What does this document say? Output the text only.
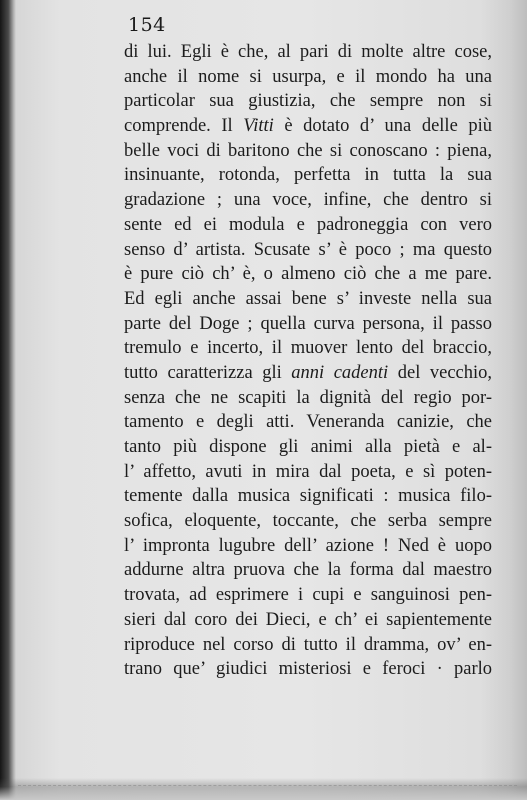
154
di lui. Egli è che, al pari di molte altre cose,
anche il nome si usurpa, e il mondo ha una
particolar sua giustizia, che sempre non si
comprende. Il Vitti è dotato d’ una delle più
belle voci di baritono che si conoscano : piena,
insinuante, rotonda, perfetta in tutta la sua
gradazione ; una voce, infine, che dentro si
sente ed ei modula e padroneggia con vero
senso d’ artista. Scusate s’ è poco ; ma questo
è pure ciò ch’ è, o almeno ciò che a me pare.
Ed egli anche assai bene s’ investe nella sua
parte del Doge ; quella curva persona, il passo
tremulo e incerto, il muover lento del braccio,
tutto caratterizza gli anni cadenti del vecchio,
senza che ne scapiti la dignità del regio por-
tamento e degli atti. Veneranda canizie, che
tanto più dispone gli animi alla pietà e al-
l’ affetto, avuti in mira dal poeta, e sì poten-
temente dalla musica significati : musica filo-
sofica, eloquente, toccante, che serba sempre
l’ impronta lugubre dell’ azione ! Ned è uopo
addurne altra pruova che la forma dal maestro
trovata, ad esprimere i cupi e sanguinosi pen-
sieri dal coro dei Dieci, e ch’ ei sapientemente
riproduce nel corso di tutto il dramma, ov’ en-
trano que’ giudici misteriosi e feroci · parlo
